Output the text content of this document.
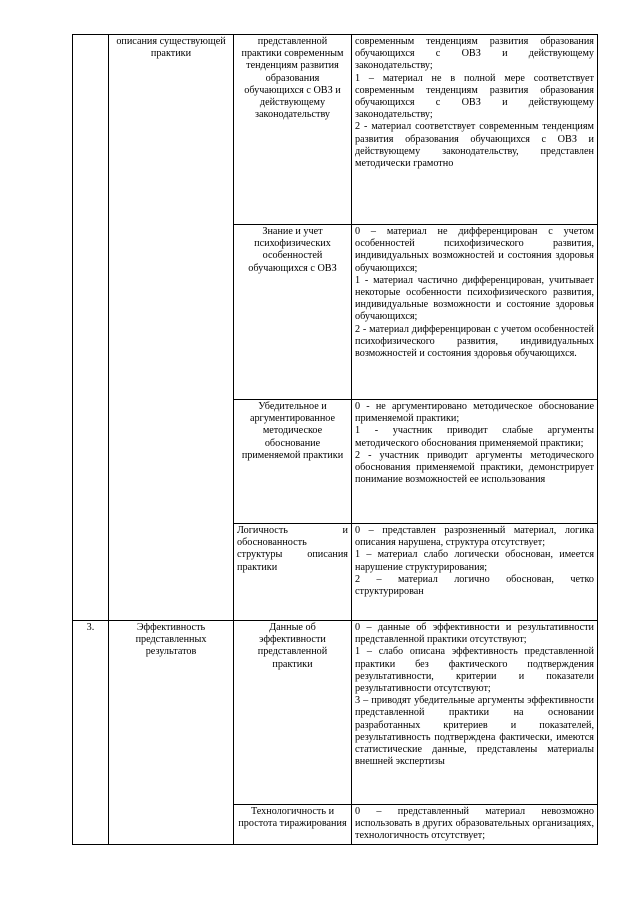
	описания существующей практики	представленной практики современным тенденциям развития образования обучающихся с ОВЗ и действующему законодательству	современным тенденциям развития образования обучающихся с ОВЗ и действующему законодательству;
1 – материал не в полной мере соответствует современным тенденциям развития образования обучающихся с ОВЗ и действующему законодательству;
2 - материал соответствует современным тенденциям развития образования обучающихся с ОВЗ и действующему законодательству, представлен методически грамотно

		Знание и учет психофизических особенностей обучающихся с ОВЗ	0 – материал не дифференцирован с учетом особенностей психофизического развития, индивидуальных возможностей и состояния здоровья обучающихся;
1 - материал частично дифференцирован, учитывает некоторые особенности психофизического развития, индивидуальные возможности и состояние здоровья обучающихся;
2 - материал дифференцирован с учетом особенностей психофизического развития, индивидуальных возможностей и состояния здоровья обучающихся.

		Убедительное и аргументированное методическое обоснование применяемой практики	0 - не аргументировано методическое обоснование применяемой практики;
1 - участник приводит слабые аргументы методического обоснования применяемой практики;
2 - участник приводит аргументы методического обоснования применяемой практики, демонстрирует понимание возможностей ее использования

		Логичность и обоснованность структуры описания практики	0 – представлен разрозненный материал, логика описания нарушена, структура отсутствует;
1 – материал слабо логически обоснован, имеется нарушение структурирования;
2 – материал логично обоснован, четко структурирован

3.	Эффективность представленных результатов	Данные об эффективности представленной практики	0 – данные об эффективности и результативности представленной практики отсутствуют;
1 – слабо описана эффективность представленной практики без фактического подтверждения результативности, критерии и показатели результативности отсутствуют;
3 – приводят убедительные аргументы эффективности представленной практики на основании разработанных критериев и показателей, результативность подтверждена фактически, имеются статистические данные, представлены материалы внешней экспертизы

		Технологичность и простота тиражирования	0 – представленный материал невозможно использовать в других образовательных организациях, технологичность отсутствует;
